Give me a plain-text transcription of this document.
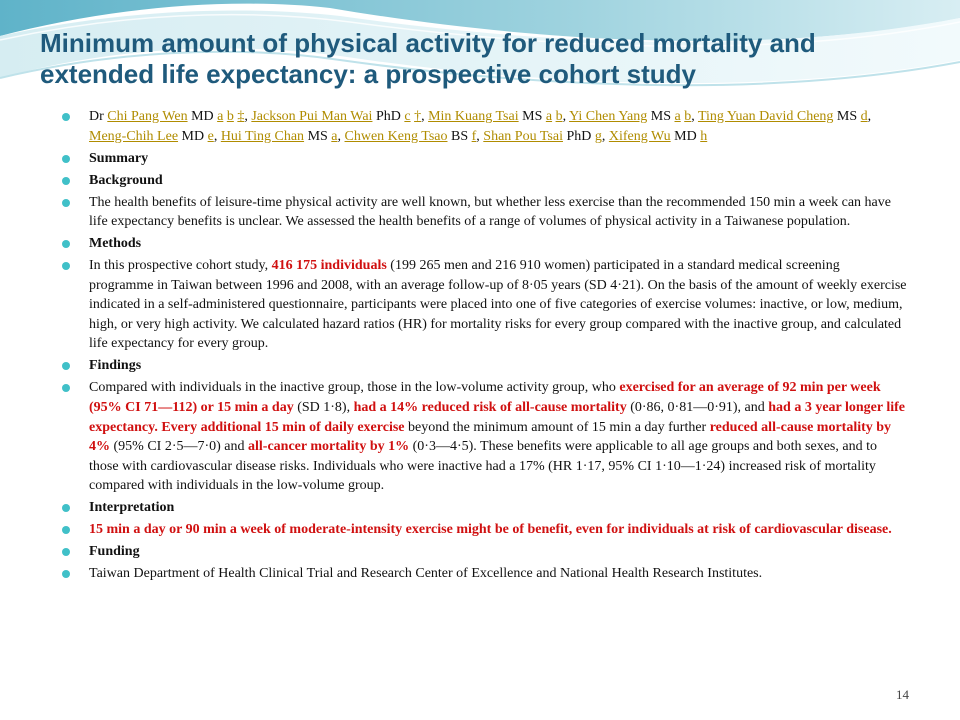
Minimum amount of physical activity for reduced mortality and extended life expectancy: a prospective cohort study
Dr Chi Pang Wen MD a b ‡, Jackson Pui Man Wai PhD c †, Min Kuang Tsai MS a b, Yi Chen Yang MS a b, Ting Yuan David Cheng MS d, Meng-Chih Lee MD e, Hui Ting Chan MS a, Chwen Keng Tsao BS f, Shan Pou Tsai PhD g, Xifeng Wu MD h
Summary
Background
The health benefits of leisure-time physical activity are well known, but whether less exercise than the recommended 150 min a week can have life expectancy benefits is unclear. We assessed the health benefits of a range of volumes of physical activity in a Taiwanese population.
Methods
In this prospective cohort study, 416 175 individuals (199 265 men and 216 910 women) participated in a standard medical screening programme in Taiwan between 1996 and 2008, with an average follow-up of 8·05 years (SD 4·21). On the basis of the amount of weekly exercise indicated in a self-administered questionnaire, participants were placed into one of five categories of exercise volumes: inactive, or low, medium, high, or very high activity. We calculated hazard ratios (HR) for mortality risks for every group compared with the inactive group, and calculated life expectancy for every group.
Findings
Compared with individuals in the inactive group, those in the low-volume activity group, who exercised for an average of 92 min per week (95% CI 71—112) or 15 min a day (SD 1·8), had a 14% reduced risk of all-cause mortality (0·86, 0·81—0·91), and had a 3 year longer life expectancy. Every additional 15 min of daily exercise beyond the minimum amount of 15 min a day further reduced all-cause mortality by 4% (95% CI 2·5—7·0) and all-cancer mortality by 1% (0·3—4·5). These benefits were applicable to all age groups and both sexes, and to those with cardiovascular disease risks. Individuals who were inactive had a 17% (HR 1·17, 95% CI 1·10—1·24) increased risk of mortality compared with individuals in the low-volume group.
Interpretation
15 min a day or 90 min a week of moderate-intensity exercise might be of benefit, even for individuals at risk of cardiovascular disease.
Funding
Taiwan Department of Health Clinical Trial and Research Center of Excellence and National Health Research Institutes.
14
